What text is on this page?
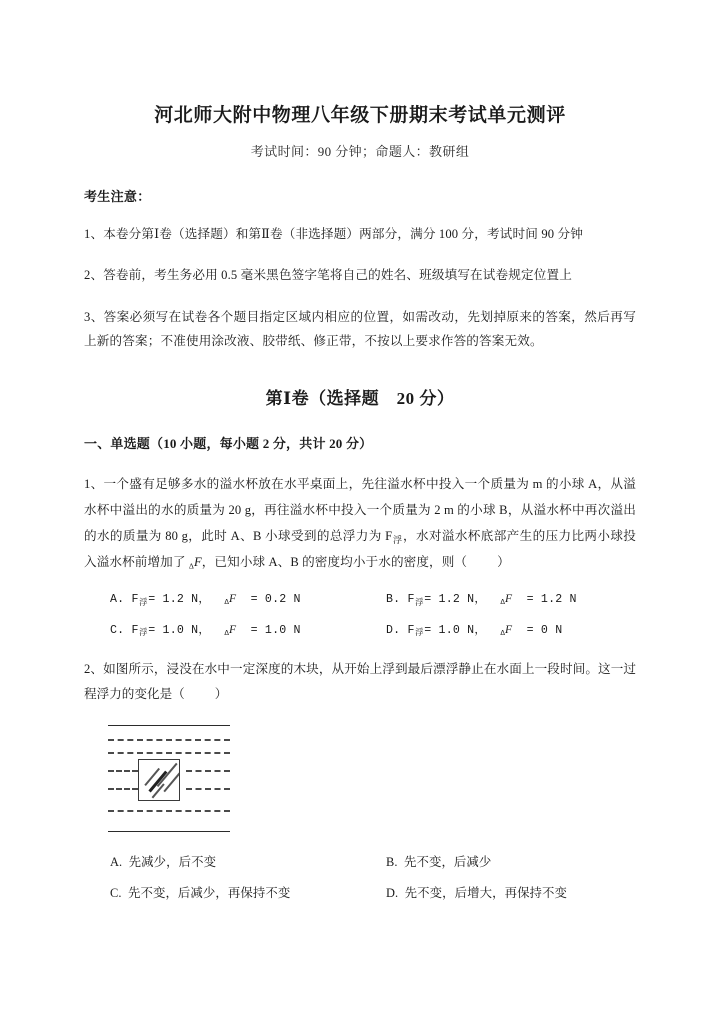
河北师大附中物理八年级下册期末考试单元测评
考试时间：90 分钟；命题人：教研组
考生注意：
1、本卷分第Ⅰ卷（选择题）和第Ⅱ卷（非选择题）两部分，满分 100 分，考试时间 90 分钟
2、答卷前，考生务必用 0.5 毫米黑色签字笔将自己的姓名、班级填写在试卷规定位置上
3、答案必须写在试卷各个题目指定区域内相应的位置，如需改动，先划掉原来的答案，然后再写上新的答案；不准使用涂改液、胶带纸、修正带，不按以上要求作答的答案无效。
第Ⅰ卷（选择题　20 分）
一、单选题（10 小题，每小题 2 分，共计 20 分）
1、一个盛有足够多水的溢水杯放在水平桌面上，先往溢水杯中投入一个质量为 m 的小球 A，从溢水杯中溢出的水的质量为 20 g，再往溢水杯中投入一个质量为 2 m 的小球 B，从溢水杯中再次溢出的水的质量为 80 g，此时 A、B 小球受到的总浮力为 $F_浮$，水对溢水杯底部产生的压力比两小球投入溢水杯前增加了 ΔF，已知小球 A、B 的密度均小于水的密度，则（ ）
A. $F_浮= 1.2$ N， ΔF = 0.2 N	B. $F_浮= 1.2$ N， ΔF = 1.2 N
C. $F_浮= 1.0$ N， ΔF = 1.0 N	D. $F_浮= 1.0$ N， ΔF = 0 N
2、如图所示，浸没在水中一定深度的木块，从开始上浮到最后漂浮静止在水面上一段时间。这一过程浮力的变化是（ ）
A. 先减少，后不变	B. 先不变，后减少
C. 先不变，后减少，再保持不变	D. 先不变，后增大，再保持不变
